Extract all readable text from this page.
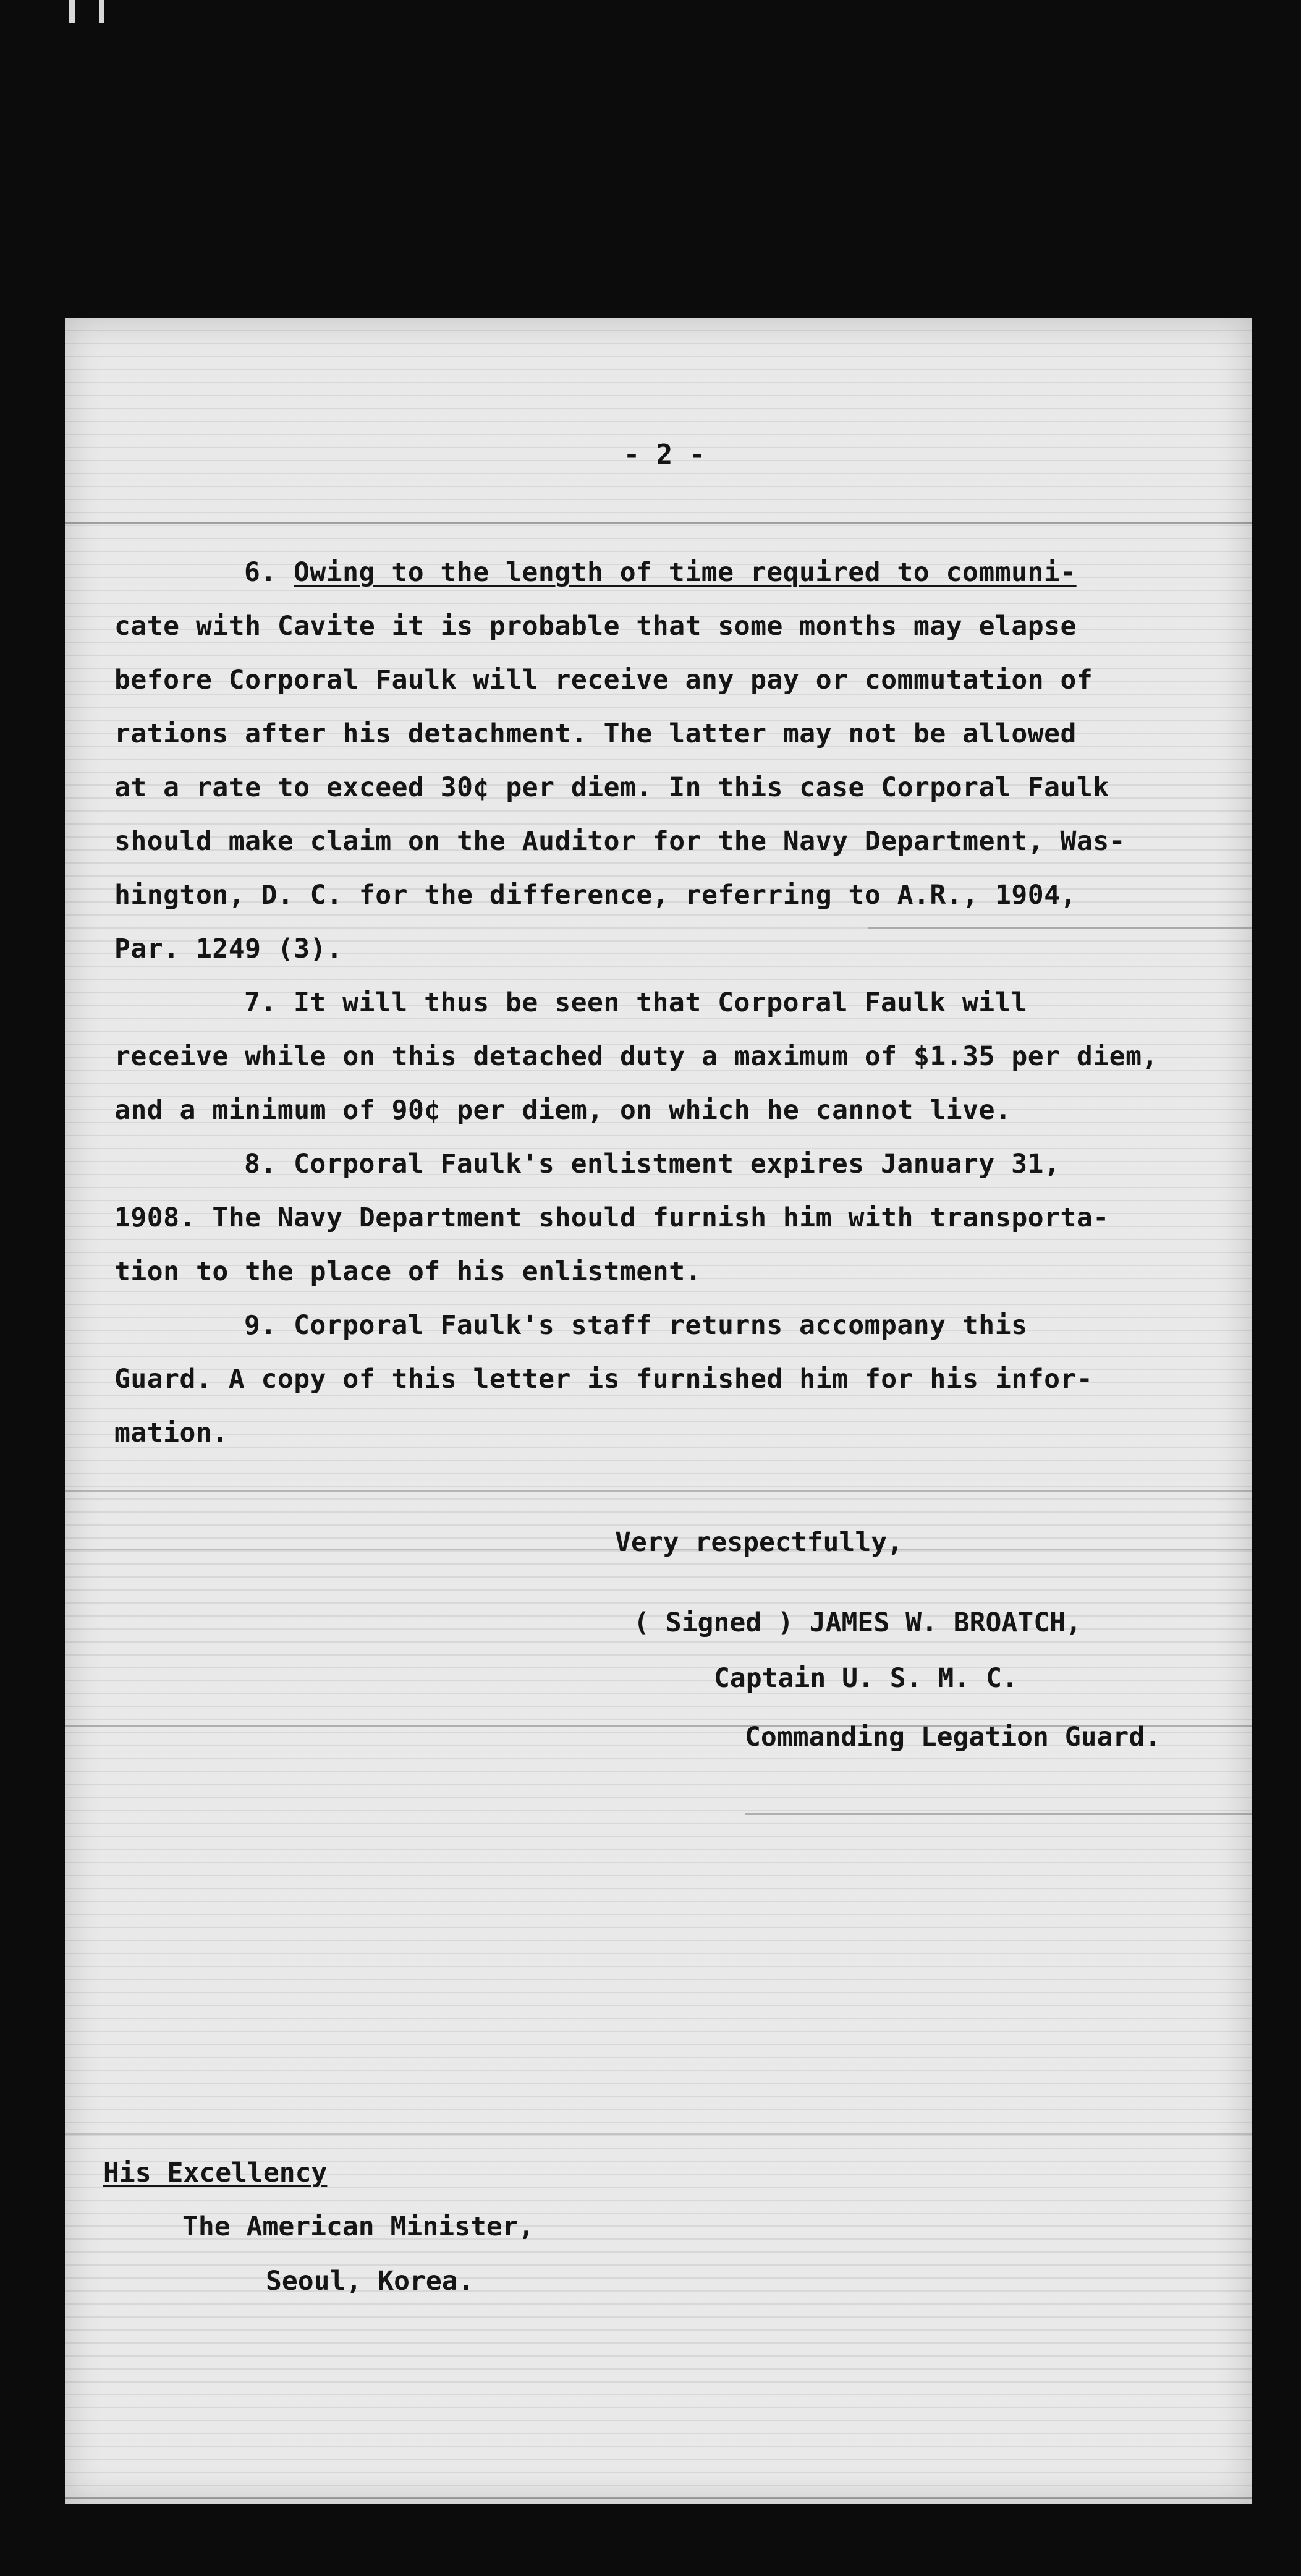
- 2 -

6. Owing to the length of time required to communi-
cate with Cavite it is probable that some months may elapse
before Corporal Faulk will receive any pay or commutation of
rations after his detachment. The latter may not be allowed
at a rate to exceed 30¢ per diem. In this case Corporal Faulk
should make claim on the Auditor for the Navy Department, Was-
hington, D. C. for the difference, referring to A.R., 1904,
Par. 1249 (3).

7. It will thus be seen that Corporal Faulk will
receive while on this detached duty a maximum of $1.35 per diem,
and a minimum of 90¢ per diem, on which he cannot live.

8. Corporal Faulk's enlistment expires January 31,
1908. The Navy Department should furnish him with transporta-
tion to the place of his enlistment.

9. Corporal Faulk's staff returns accompany this
Guard. A copy of this letter is furnished him for his infor-
mation.

Very respectfully,

( Signed ) JAMES W. BROATCH,

Captain U. S. M. C.

Commanding Legation Guard.

His Excellency

The American Minister,

Seoul, Korea.
